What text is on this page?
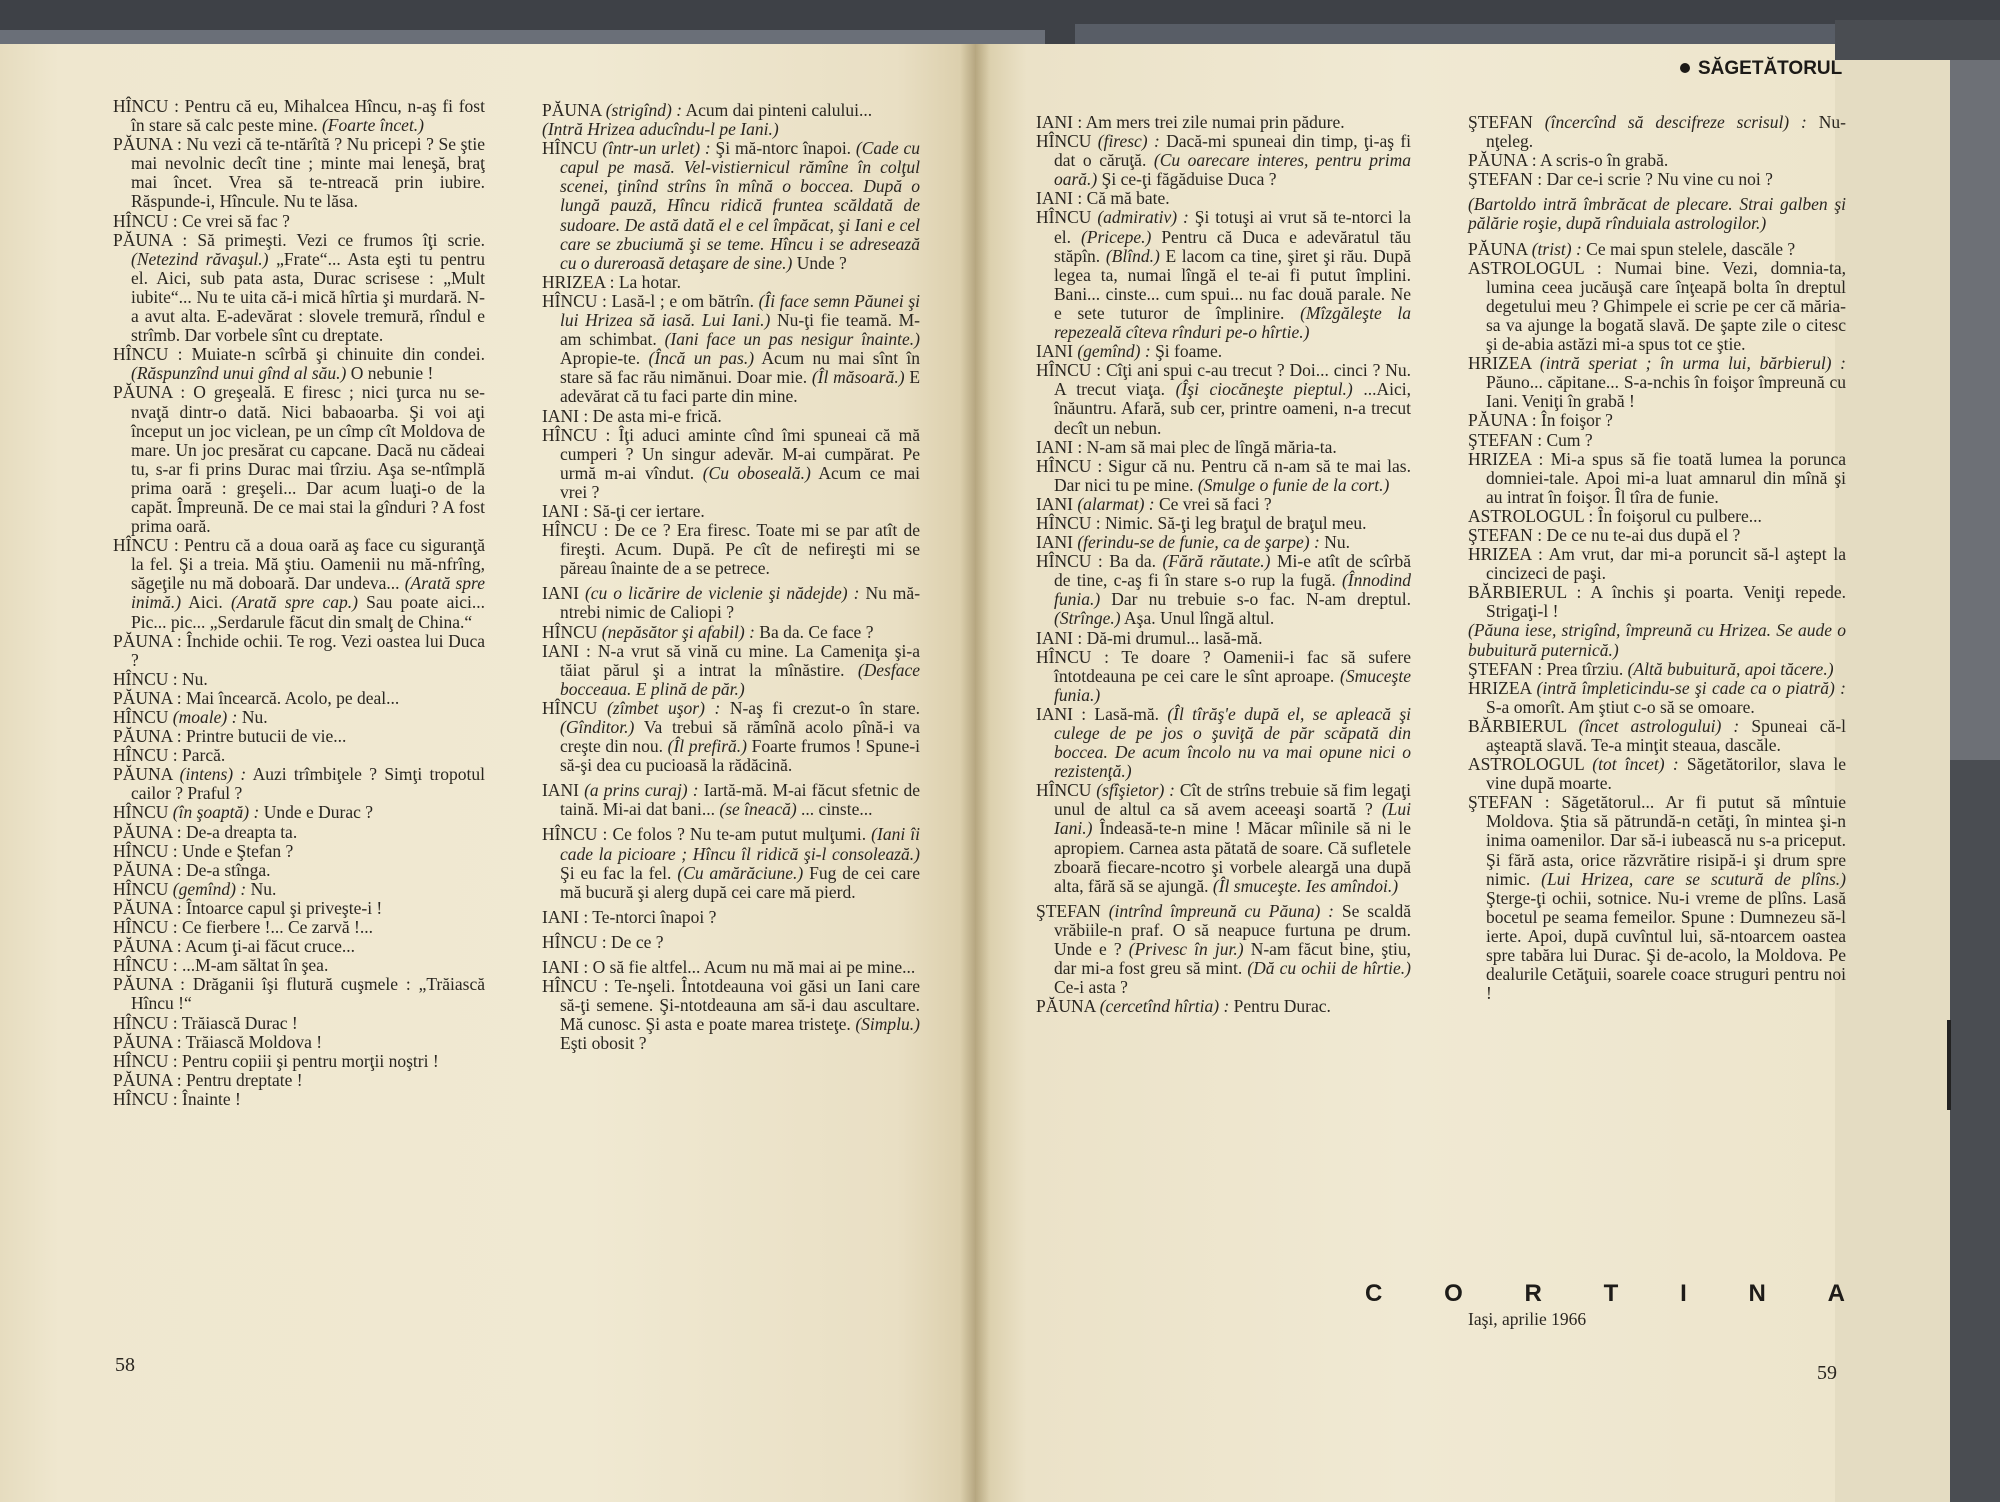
SĂGETĂTORUL

HÎNCU : Pentru că eu, Mihalcea Hîncu, n-aş fi fost în stare să calc peste mine. (Foarte încet.)

PĂUNA : Nu vezi că te-ntărîtă ? Nu pricepi ? Se ştie mai nevolnic decît tine ; minte mai leneşă, braţ mai încet. Vrea să te-ntreacă prin iubire. Răspunde-i, Hîncule. Nu te lăsa.

HÎNCU : Ce vrei să fac ?

PĂUNA : Să primeşti. Vezi ce frumos îţi scrie. (Netezind răvaşul.) „Frate“... Asta eşti tu pentru el. Aici, sub pata asta, Durac scrisese : „Mult iubite“... Nu te uita că-i mică hîrtia şi murdară. N-a avut alta. E-adevărat : slovele tremură, rîndul e strîmb. Dar vorbele sînt cu dreptate.

HÎNCU : Muiate-n scîrbă şi chinuite din condei. (Răspunzînd unui gînd al său.) O nebunie !

PĂUNA : O greşeală. E firesc ; nici ţurca nu se-nvaţă dintr-o dată. Nici babaoarba. Şi voi aţi început un joc viclean, pe un cîmp cît Moldova de mare. Un joc presărat cu capcane. Dacă nu cădeai tu, s-ar fi prins Durac mai tîrziu. Aşa se-ntîmplă prima oară : greşeli... Dar acum luaţi-o de la capăt. Împreună. De ce mai stai la gînduri ? A fost prima oară.

HÎNCU : Pentru că a doua oară aş face cu siguranţă la fel. Şi a treia. Mă ştiu. Oamenii nu mă-nfrîng, săgeţile nu mă doboară. Dar undeva... (Arată spre inimă.) Aici. (Arată spre cap.) Sau poate aici... Pic... pic... „Serdarule făcut din smalţ de China.“

PĂUNA : Închide ochii. Te rog. Vezi oastea lui Duca ?

HÎNCU : Nu.

PĂUNA : Mai încearcă. Acolo, pe deal...

HÎNCU (moale) : Nu.

PĂUNA : Printre butucii de vie...

HÎNCU : Parcă.

PĂUNA (intens) : Auzi trîmbiţele ? Simţi tropotul cailor ? Praful ?

HÎNCU (în şoaptă) : Unde e Durac ?

PĂUNA : De-a dreapta ta.

HÎNCU : Unde e Ştefan ?

PĂUNA : De-a stînga.

HÎNCU (gemînd) : Nu.

PĂUNA : Întoarce capul şi priveşte-i !

HÎNCU : Ce fierbere !... Ce zarvă !...

PĂUNA : Acum ţi-ai făcut cruce...

HÎNCU : ...M-am săltat în şea.

PĂUNA : Drăganii îşi flutură cuşmele : „Trăiască Hîncu !“

HÎNCU : Trăiască Durac !

PĂUNA : Trăiască Moldova !

HÎNCU : Pentru copiii şi pentru morţii noştri !

PĂUNA : Pentru dreptate !

HÎNCU : Înainte !

PĂUNA (strigînd) : Acum dai pinteni calului...

(Intră Hrizea aducîndu-l pe Iani.)

HÎNCU (într-un urlet) : Şi mă-ntorc înapoi. (Cade cu capul pe masă. Vel-vistiernicul rămîne în colţul scenei, ţinînd strîns în mînă o boccea. După o lungă pauză, Hîncu ridică fruntea scăldată de sudoare. De astă dată el e cel împăcat, şi Iani e cel care se zbuciumă şi se teme. Hîncu i se adresează cu o dureroasă detaşare de sine.) Unde ?

HRIZEA : La hotar.

HÎNCU : Lasă-l ; e om bătrîn. (Îi face semn Păunei şi lui Hrizea să iasă. Lui Iani.) Nu-ţi fie teamă. M-am schimbat. (Iani face un pas nesigur înainte.) Apropie-te. (Încă un pas.) Acum nu mai sînt în stare să fac rău nimănui. Doar mie. (Îl măsoară.) E adevărat că tu faci parte din mine.

IANI : De asta mi-e frică.

HÎNCU : Îţi aduci aminte cînd îmi spuneai că mă cumperi ? Un singur adevăr. M-ai cumpărat. Pe urmă m-ai vîndut. (Cu oboseală.) Acum ce mai vrei ?

IANI : Să-ţi cer iertare.

HÎNCU : De ce ? Era firesc. Toate mi se par atît de fireşti. Acum. După. Pe cît de nefireşti mi se păreau înainte de a se petrece.

IANI (cu o licărire de viclenie şi nădejde) : Nu mă-ntrebi nimic de Caliopi ?

HÎNCU (nepăsător şi afabil) : Ba da. Ce face ?

IANI : N-a vrut să vină cu mine. La Cameniţa şi-a tăiat părul şi a intrat la mînăstire. (Desface bocceaua. E plină de păr.)

HÎNCU (zîmbet uşor) : N-aş fi crezut-o în stare. (Gînditor.) Va trebui să rămînă acolo pînă-i va creşte din nou. (Îl prefiră.) Foarte frumos ! Spune-i să-şi dea cu pucioasă la rădăcină.

IANI (a prins curaj) : Iartă-mă. M-ai făcut sfetnic de taină. Mi-ai dat bani... (se îneacă) ... cinste...

HÎNCU : Ce folos ? Nu te-am putut mulţumi. (Iani îi cade la picioare ; Hîncu îl ridică şi-l consolează.) Şi eu fac la fel. (Cu amărăciune.) Fug de cei care mă bucură şi alerg după cei care mă pierd.

IANI : Te-ntorci înapoi ?

HÎNCU : De ce ?

IANI : O să fie altfel... Acum nu mă mai ai pe mine...

HÎNCU : Te-nşeli. Întotdeauna voi găsi un Iani care să-ţi semene. Şi-ntotdeauna am să-i dau ascultare. Mă cunosc. Şi asta e poate marea tristeţe. (Simplu.) Eşti obosit ?

IANI : Am mers trei zile numai prin pădure.

HÎNCU (firesc) : Dacă-mi spuneai din timp, ţi-aş fi dat o căruţă. (Cu oarecare interes, pentru prima oară.) Şi ce-ţi făgăduise Duca ?

IANI : Că mă bate.

HÎNCU (admirativ) : Şi totuşi ai vrut să te-ntorci la el. (Pricepe.) Pentru că Duca e adevăratul tău stăpîn. (Blînd.) E lacom ca tine, şiret şi rău. După legea ta, numai lîngă el te-ai fi putut împlini. Bani... cinste... cum spui... nu fac două parale. Ne e sete tuturor de împlinire. (Mîzgăleşte la repezeală cîteva rînduri pe-o hîrtie.)

IANI (gemînd) : Şi foame.

HÎNCU : Cîţi ani spui c-au trecut ? Doi... cinci ? Nu. A trecut viaţa. (Îşi ciocăneşte pieptul.) ...Aici, înăuntru. Afară, sub cer, printre oameni, n-a trecut decît un nebun.

IANI : N-am să mai plec de lîngă măria-ta.

HÎNCU : Sigur că nu. Pentru că n-am să te mai las. Dar nici tu pe mine. (Smulge o funie de la cort.)

IANI (alarmat) : Ce vrei să faci ?

HÎNCU : Nimic. Să-ţi leg braţul de braţul meu.

IANI (ferindu-se de funie, ca de şarpe) : Nu.

HÎNCU : Ba da. (Fără răutate.) Mi-e atît de scîrbă de tine, c-aş fi în stare s-o rup la fugă. (Înnodind funia.) Dar nu trebuie s-o fac. N-am dreptul. (Strînge.) Aşa. Unul lîngă altul.

IANI : Dă-mi drumul... lasă-mă.

HÎNCU : Te doare ? Oamenii-i fac să sufere întotdeauna pe cei care le sînt aproape. (Smuceşte funia.)

IANI : Lasă-mă. (Îl tîrăş'e după el, se apleacă şi culege de pe jos o şuviţă de păr scăpată din boccea. De acum încolo nu va mai opune nici o rezistenţă.)

HÎNCU (sfîşietor) : Cît de strîns trebuie să fim legaţi unul de altul ca să avem aceeaşi soartă ? (Lui Iani.) Îndeasă-te-n mine ! Măcar mîinile să ni le apropiem. Carnea asta pătată de soare. Că sufletele zboară fiecare-ncotro şi vorbele aleargă una după alta, fără să se ajungă. (Îl smuceşte. Ies amîndoi.)

ŞTEFAN (intrînd împreună cu Păuna) : Se scaldă vrăbiile-n praf. O să neapuce furtuna pe drum. Unde e ? (Privesc în jur.) N-am făcut bine, ştiu, dar mi-a fost greu să mint. (Dă cu ochii de hîrtie.) Ce-i asta ?

PĂUNA (cercetînd hîrtia) : Pentru Durac.

ŞTEFAN (încercînd să descifreze scrisul) : Nu-nţeleg.

PĂUNA : A scris-o în grabă.

ŞTEFAN : Dar ce-i scrie ? Nu vine cu noi ?

(Bartoldo intră îmbrăcat de plecare. Strai galben şi pălărie roşie, după rînduiala astrologilor.)

PĂUNA (trist) : Ce mai spun stelele, dascăle ?

ASTROLOGUL : Numai bine. Vezi, domnia-ta, lumina ceea jucăuşă care înţeapă bolta în dreptul degetului meu ? Ghimpele ei scrie pe cer că măria-sa va ajunge la bogată slavă. De şapte zile o citesc şi de-abia astăzi mi-a spus tot ce ştie.

HRIZEA (intră speriat ; în urma lui, bărbierul) : Păuno... căpitane... S-a-nchis în foişor împreună cu Iani. Veniţi în grabă !

PĂUNA : În foişor ?

ŞTEFAN : Cum ?

HRIZEA : Mi-a spus să fie toată lumea la porunca domniei-tale. Apoi mi-a luat amnarul din mînă şi au intrat în foişor. Îl tîra de funie.

ASTROLOGUL : În foişorul cu pulbere...

ŞTEFAN : De ce nu te-ai dus după el ?

HRIZEA : Am vrut, dar mi-a poruncit să-l aştept la cincizeci de paşi.

BĂRBIERUL : A închis şi poarta. Veniţi repede. Strigaţi-l !

(Păuna iese, strigînd, împreună cu Hrizea. Se aude o bubuitură puternică.)

ŞTEFAN : Prea tîrziu. (Altă bubuitură, apoi tăcere.)

HRIZEA (intră împleticindu-se şi cade ca o piatră) : S-a omorît. Am ştiut c-o să se omoare.

BĂRBIERUL (încet astrologului) : Spuneai că-l aşteaptă slavă. Te-a minţit steaua, dascăle.

ASTROLOGUL (tot încet) : Săgetătorilor, slava le vine după moarte.

ŞTEFAN : Săgetătorul... Ar fi putut să mîntuie Moldova. Ştia să pătrundă-n cetăţi, în mintea şi-n inima oamenilor. Dar să-i iubească nu s-a priceput. Şi fără asta, orice răzvrătire risipă-i şi drum spre nimic. (Lui Hrizea, care se scutură de plîns.) Şterge-ţi ochii, sotnice. Nu-i vreme de plîns. Lasă bocetul pe seama femeilor. Spune : Dumnezeu să-l ierte. Apoi, după cuvîntul lui, să-ntoarcem oastea spre tabăra lui Durac. Şi de-acolo, la Moldova. Pe dealurile Cetăţuii, soarele coace struguri pentru noi !

C	O	R	T	I	N	A
Iaşi, aprilie 1966
58	59
